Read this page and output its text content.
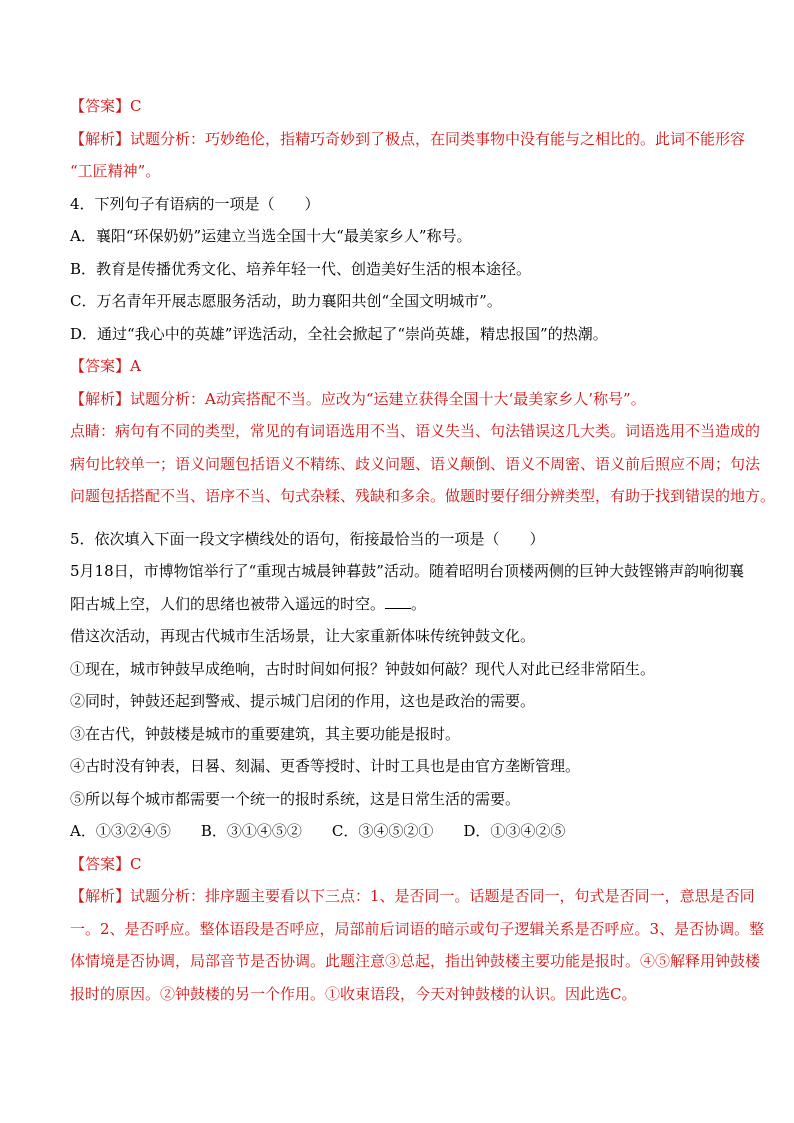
【答案】C
【解析】试题分析：巧妙绝伦，指精巧奇妙到了极点，在同类事物中没有能与之相比的。此词不能形容
“工匠精神”。
4．下列句子有语病的一项是（　　）
A．襄阳“环保奶奶”运建立当选全国十大“最美家乡人”称号。
B．教育是传播优秀文化、培养年轻一代、创造美好生活的根本途径。
C．万名青年开展志愿服务活动，助力襄阳共创“全国文明城市”。
D．通过“我心中的英雄”评选活动，全社会掀起了“崇尚英雄，精忠报国”的热潮。
【答案】A
【解析】试题分析：A动宾搭配不当。应改为“运建立获得全国十大‘最美家乡人’称号”。
点睛：病句有不同的类型，常见的有词语选用不当、语义失当、句法错误这几大类。词语选用不当造成的
病句比较单一；语义问题包括语义不精练、歧义问题、语义颠倒、语义不周密、语义前后照应不周；句法
问题包括搭配不当、语序不当、句式杂糅、残缺和多余。做题时要仔细分辨类型，有助于找到错误的地方。
5．依次填入下面一段文字横线处的语句，衔接最恰当的一项是（　　）
5月18日，市博物馆举行了“重现古城晨钟暮鼓”活动。随着昭明台顶楼两侧的巨钟大鼓铿锵声韵响彻襄
阳古城上空，人们的思绪也被带入遥远的时空。 。
借这次活动，再现古代城市生活场景，让大家重新体味传统钟鼓文化。
①现在，城市钟鼓早成绝响，古时时间如何报？钟鼓如何敲？现代人对此已经非常陌生。
②同时，钟鼓还起到警戒、提示城门启闭的作用，这也是政治的需要。
③在古代，钟鼓楼是城市的重要建筑，其主要功能是报时。
④古时没有钟表，日晷、刻漏、更香等授时、计时工具也是由官方垄断管理。
⑤所以每个城市都需要一个统一的报时系统，这是日常生活的需要。
A．①③②④⑤ B．③①④⑤② C．③④⑤②① D．①③④②⑤
【答案】C
【解析】试题分析：排序题主要看以下三点：1、是否同一。话题是否同一，句式是否同一，意思是否同
一。2、是否呼应。整体语段是否呼应，局部前后词语的暗示或句子逻辑关系是否呼应。3、是否协调。整
体情境是否协调，局部音节是否协调。此题注意③总起，指出钟鼓楼主要功能是报时。④⑤解释用钟鼓楼
报时的原因。②钟鼓楼的另一个作用。①收束语段，今天对钟鼓楼的认识。因此选C。
